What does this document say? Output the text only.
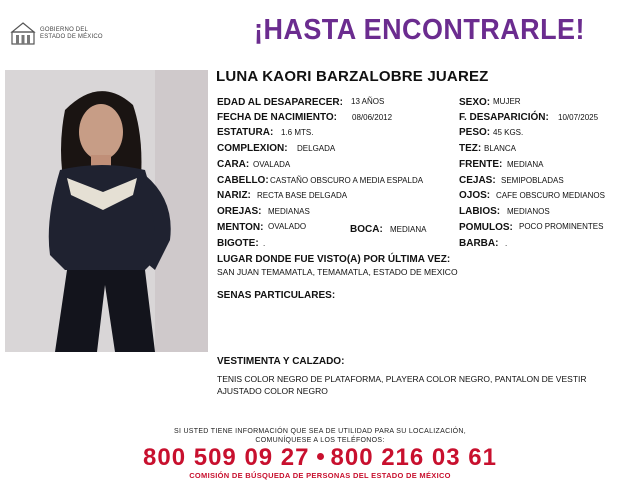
GOBIERNO DEL
ESTADO DE MÉXICO	¡HASTA ENCONTRARLE!
LUNA KAORI BARZALOBRE JUAREZ
EDAD AL DESAPARECER: 13 AÑOS
FECHA DE NACIMIENTO: 08/06/2012
ESTATURA: 1.6 MTS.
COMPLEXION: DELGADA
CARA: OVALADA
CABELLO: CASTAÑO OBSCURO A MEDIA ESPALDA
NARIZ: RECTA BASE DELGADA
OREJAS: MEDIANAS
MENTON: OVALADO	BOCA: MEDIANA
BIGOTE: .
SEXO: MUJER
F. DESAPARICIÓN: 10/07/2025
PESO: 45 KGS.
TEZ: BLANCA
FRENTE: MEDIANA
CEJAS: SEMIPOBLADAS
OJOS: CAFE OBSCURO MEDIANOS
LABIOS: MEDIANOS
POMULOS: POCO PROMINENTES
BARBA: .
LUGAR DONDE FUE VISTO(A) POR ÚLTIMA VEZ:
SAN JUAN TEMAMATLA, TEMAMATLA, ESTADO DE MEXICO
SENAS PARTICULARES:
VESTIMENTA Y CALZADO:
TENIS COLOR NEGRO DE PLATAFORMA, PLAYERA COLOR NEGRO, PANTALON DE VESTIR AJUSTADO COLOR NEGRO
SI USTED TIENE INFORMACIÓN QUE SEA DE UTILIDAD PARA SU LOCALIZACIÓN,
COMUNÍQUESE A LOS TELÉFONOS:
800 509 09 27 800 216 03 61
COMISIÓN DE BÚSQUEDA DE PERSONAS DEL ESTADO DE MÉXICO
